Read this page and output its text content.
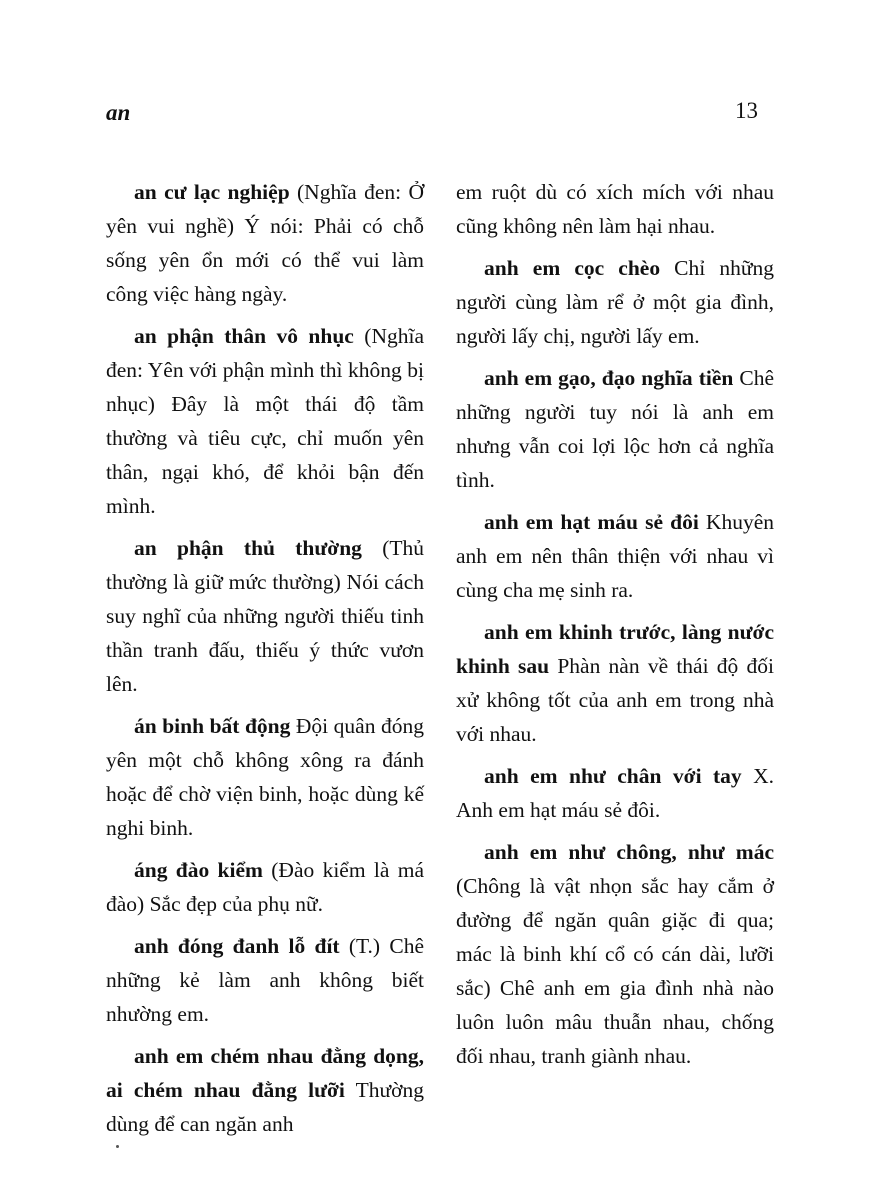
an	13

an cư lạc nghiệp (Nghĩa đen: Ở yên vui nghề) Ý nói: Phải có chỗ sống yên ổn mới có thể vui làm công việc hàng ngày.

an phận thân vô nhục (Nghĩa đen: Yên với phận mình thì không bị nhục) Đây là một thái độ tầm thường và tiêu cực, chỉ muốn yên thân, ngại khó, để khỏi bận đến mình.

an phận thủ thường (Thủ thường là giữ mức thường) Nói cách suy nghĩ của những người thiếu tinh thần tranh đấu, thiếu ý thức vươn lên.

án binh bất động Đội quân đóng yên một chỗ không xông ra đánh hoặc để chờ viện binh, hoặc dùng kế nghi binh.

áng đào kiểm (Đào kiểm là má đào) Sắc đẹp của phụ nữ.

anh đóng đanh lỗ đít (T.) Chê những kẻ làm anh không biết nhường em.

anh em chém nhau đằng dọng, ai chém nhau đằng lưỡi Thường dùng để can ngăn anh

em ruột dù có xích mích với nhau cũng không nên làm hại nhau.

anh em cọc chèo Chỉ những người cùng làm rể ở một gia đình, người lấy chị, người lấy em.

anh em gạo, đạo nghĩa tiền Chê những người tuy nói là anh em nhưng vẫn coi lợi lộc hơn cả nghĩa tình.

anh em hạt máu sẻ đôi Khuyên anh em nên thân thiện với nhau vì cùng cha mẹ sinh ra.

anh em khinh trước, làng nước khinh sau Phàn nàn về thái độ đối xử không tốt của anh em trong nhà với nhau.

anh em như chân với tay X. Anh em hạt máu sẻ đôi.

anh em như chông, như mác (Chông là vật nhọn sắc hay cắm ở đường để ngăn quân giặc đi qua; mác là binh khí cổ có cán dài, lưỡi sắc) Chê anh em gia đình nhà nào luôn luôn mâu thuẫn nhau, chống đối nhau, tranh giành nhau.
